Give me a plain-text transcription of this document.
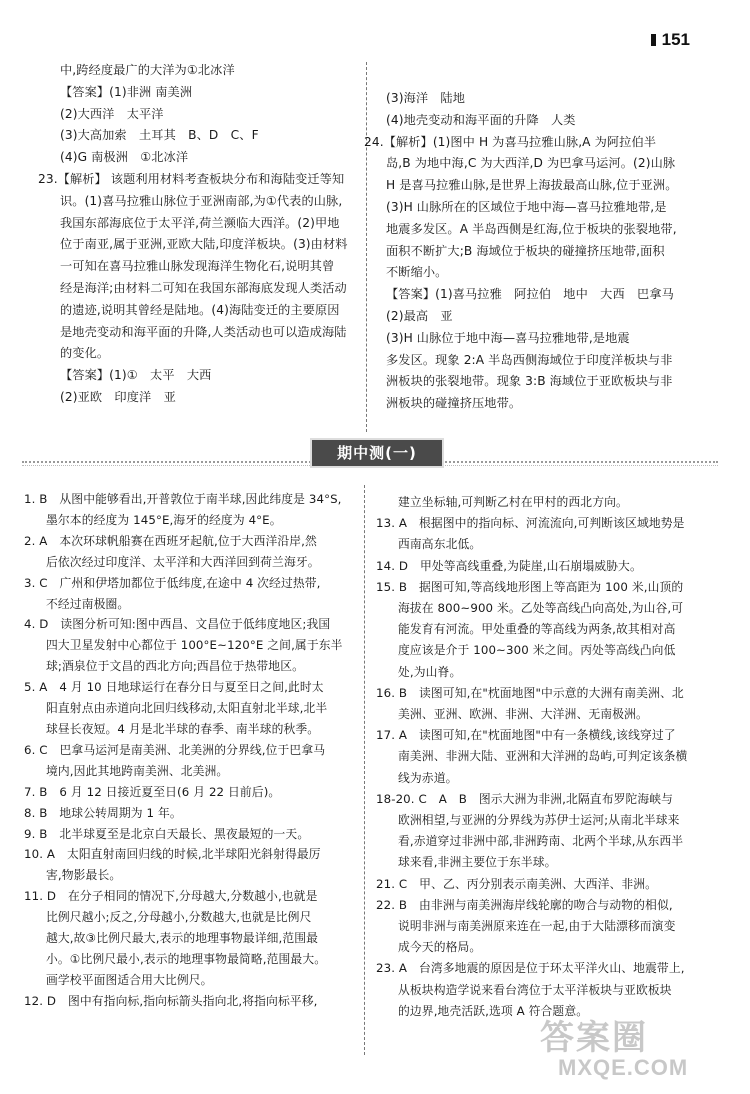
151

中,跨经度最广的大洋为①北冰洋

【答案】(1)非洲 南美洲

(2)大西洋　太平洋

(3)大高加索　土耳其　B、D　C、F

(4)G 南极洲　①北冰洋

23.【解析】 该题利用材料考查板块分布和海陆变迁等知

识。(1)喜马拉雅山脉位于亚洲南部,为①代表的山脉,

我国东部海底位于太平洋,荷兰濒临大西洋。(2)甲地

位于南亚,属于亚洲,亚欧大陆,印度洋板块。(3)由材料

一可知在喜马拉雅山脉发现海洋生物化石,说明其曾

经是海洋;由材料二可知在我国东部海底发现人类活动

的遗迹,说明其曾经是陆地。(4)海陆变迁的主要原因

是地壳变动和海平面的升降,人类活动也可以造成海陆

的变化。

【答案】(1)①　太平　大西

(2)亚欧　印度洋　亚

(3)海洋　陆地

(4)地壳变动和海平面的升降　人类

24.【解析】(1)图中 H 为喜马拉雅山脉,A 为阿拉伯半

岛,B 为地中海,C 为大西洋,D 为巴拿马运河。(2)山脉

H 是喜马拉雅山脉,是世界上海拔最高山脉,位于亚洲。

(3)H 山脉所在的区域位于地中海—喜马拉雅地带,是

地震多发区。A 半岛西侧是红海,位于板块的张裂地带,

面积不断扩大;B 海域位于板块的碰撞挤压地带,面积

不断缩小。

【答案】(1)喜马拉雅　阿拉伯　地中　大西　巴拿马

(2)最高　亚

(3)H 山脉位于地中海—喜马拉雅地带,是地震

多发区。现象 2:A 半岛西侧海域位于印度洋板块与非

洲板块的张裂地带。现象 3:B 海域位于亚欧板块与非

洲板块的碰撞挤压地带。

期中测(一)

1. B　从图中能够看出,开普敦位于南半球,因此纬度是 34°S,

墨尔本的经度为 145°E,海牙的经度为 4°E。

2. A　本次环球帆船赛在西班牙起航,位于大西洋沿岸,然

后依次经过印度洋、太平洋和大西洋回到荷兰海牙。

3. C　广州和伊塔加都位于低纬度,在途中 4 次经过热带,

不经过南极圈。

4. D　读图分析可知:图中西昌、文昌位于低纬度地区;我国

四大卫星发射中心都位于 100°E~120°E 之间,属于东半

球;酒泉位于文昌的西北方向;西昌位于热带地区。

5. A　4 月 10 日地球运行在春分日与夏至日之间,此时太

阳直射点由赤道向北回归线移动,太阳直射北半球,北半

球昼长夜短。4 月是北半球的春季、南半球的秋季。

6. C　巴拿马运河是南美洲、北美洲的分界线,位于巴拿马

境内,因此其地跨南美洲、北美洲。

7. B　6 月 12 日接近夏至日(6 月 22 日前后)。

8. B　地球公转周期为 1 年。

9. B　北半球夏至是北京白天最长、黑夜最短的一天。

10. A　太阳直射南回归线的时候,北半球阳光斜射得最厉

害,物影最长。

11. D　在分子相同的情况下,分母越大,分数越小,也就是

比例尺越小;反之,分母越小,分数越大,也就是比例尺

越大,故③比例尺最大,表示的地理事物最详细,范围最

小。①比例尺最小,表示的地理事物最简略,范围最大。

画学校平面图适合用大比例尺。

12. D　图中有指向标,指向标箭头指向北,将指向标平移,

建立坐标轴,可判断乙村在甲村的西北方向。

13. A　根据图中的指向标、河流流向,可判断该区域地势是

西南高东北低。

14. D　甲处等高线重叠,为陡崖,山石崩塌威胁大。

15. B　据图可知,等高线地形图上等高距为 100 米,山顶的

海拔在 800~900 米。乙处等高线凸向高处,为山谷,可

能发育有河流。甲处重叠的等高线为两条,故其相对高

度应该是介于 100~300 米之间。丙处等高线凸向低

处,为山脊。

16. B　读图可知,在"枕面地图"中示意的大洲有南美洲、北

美洲、亚洲、欧洲、非洲、大洋洲、无南极洲。

17. A　读图可知,在"枕面地图"中有一条横线,该线穿过了

南美洲、非洲大陆、亚洲和大洋洲的岛屿,可判定该条横

线为赤道。

18-20. C　A　B　图示大洲为非洲,北隔直布罗陀海峡与

欧洲相望,与亚洲的分界线为苏伊士运河;从南北半球来

看,赤道穿过非洲中部,非洲跨南、北两个半球,从东西半

球来看,非洲主要位于东半球。

21. C　甲、乙、丙分别表示南美洲、大西洋、非洲。

22. B　由非洲与南美洲海岸线轮廓的吻合与动物的相似,

说明非洲与南美洲原来连在一起,由于大陆漂移而演变

成今天的格局。

23. A　台湾多地震的原因是位于环太平洋火山、地震带上,

从板块构造学说来看台湾位于太平洋板块与亚欧板块

的边界,地壳活跃,选项 A 符合题意。

答案圈
MXQE.COM
